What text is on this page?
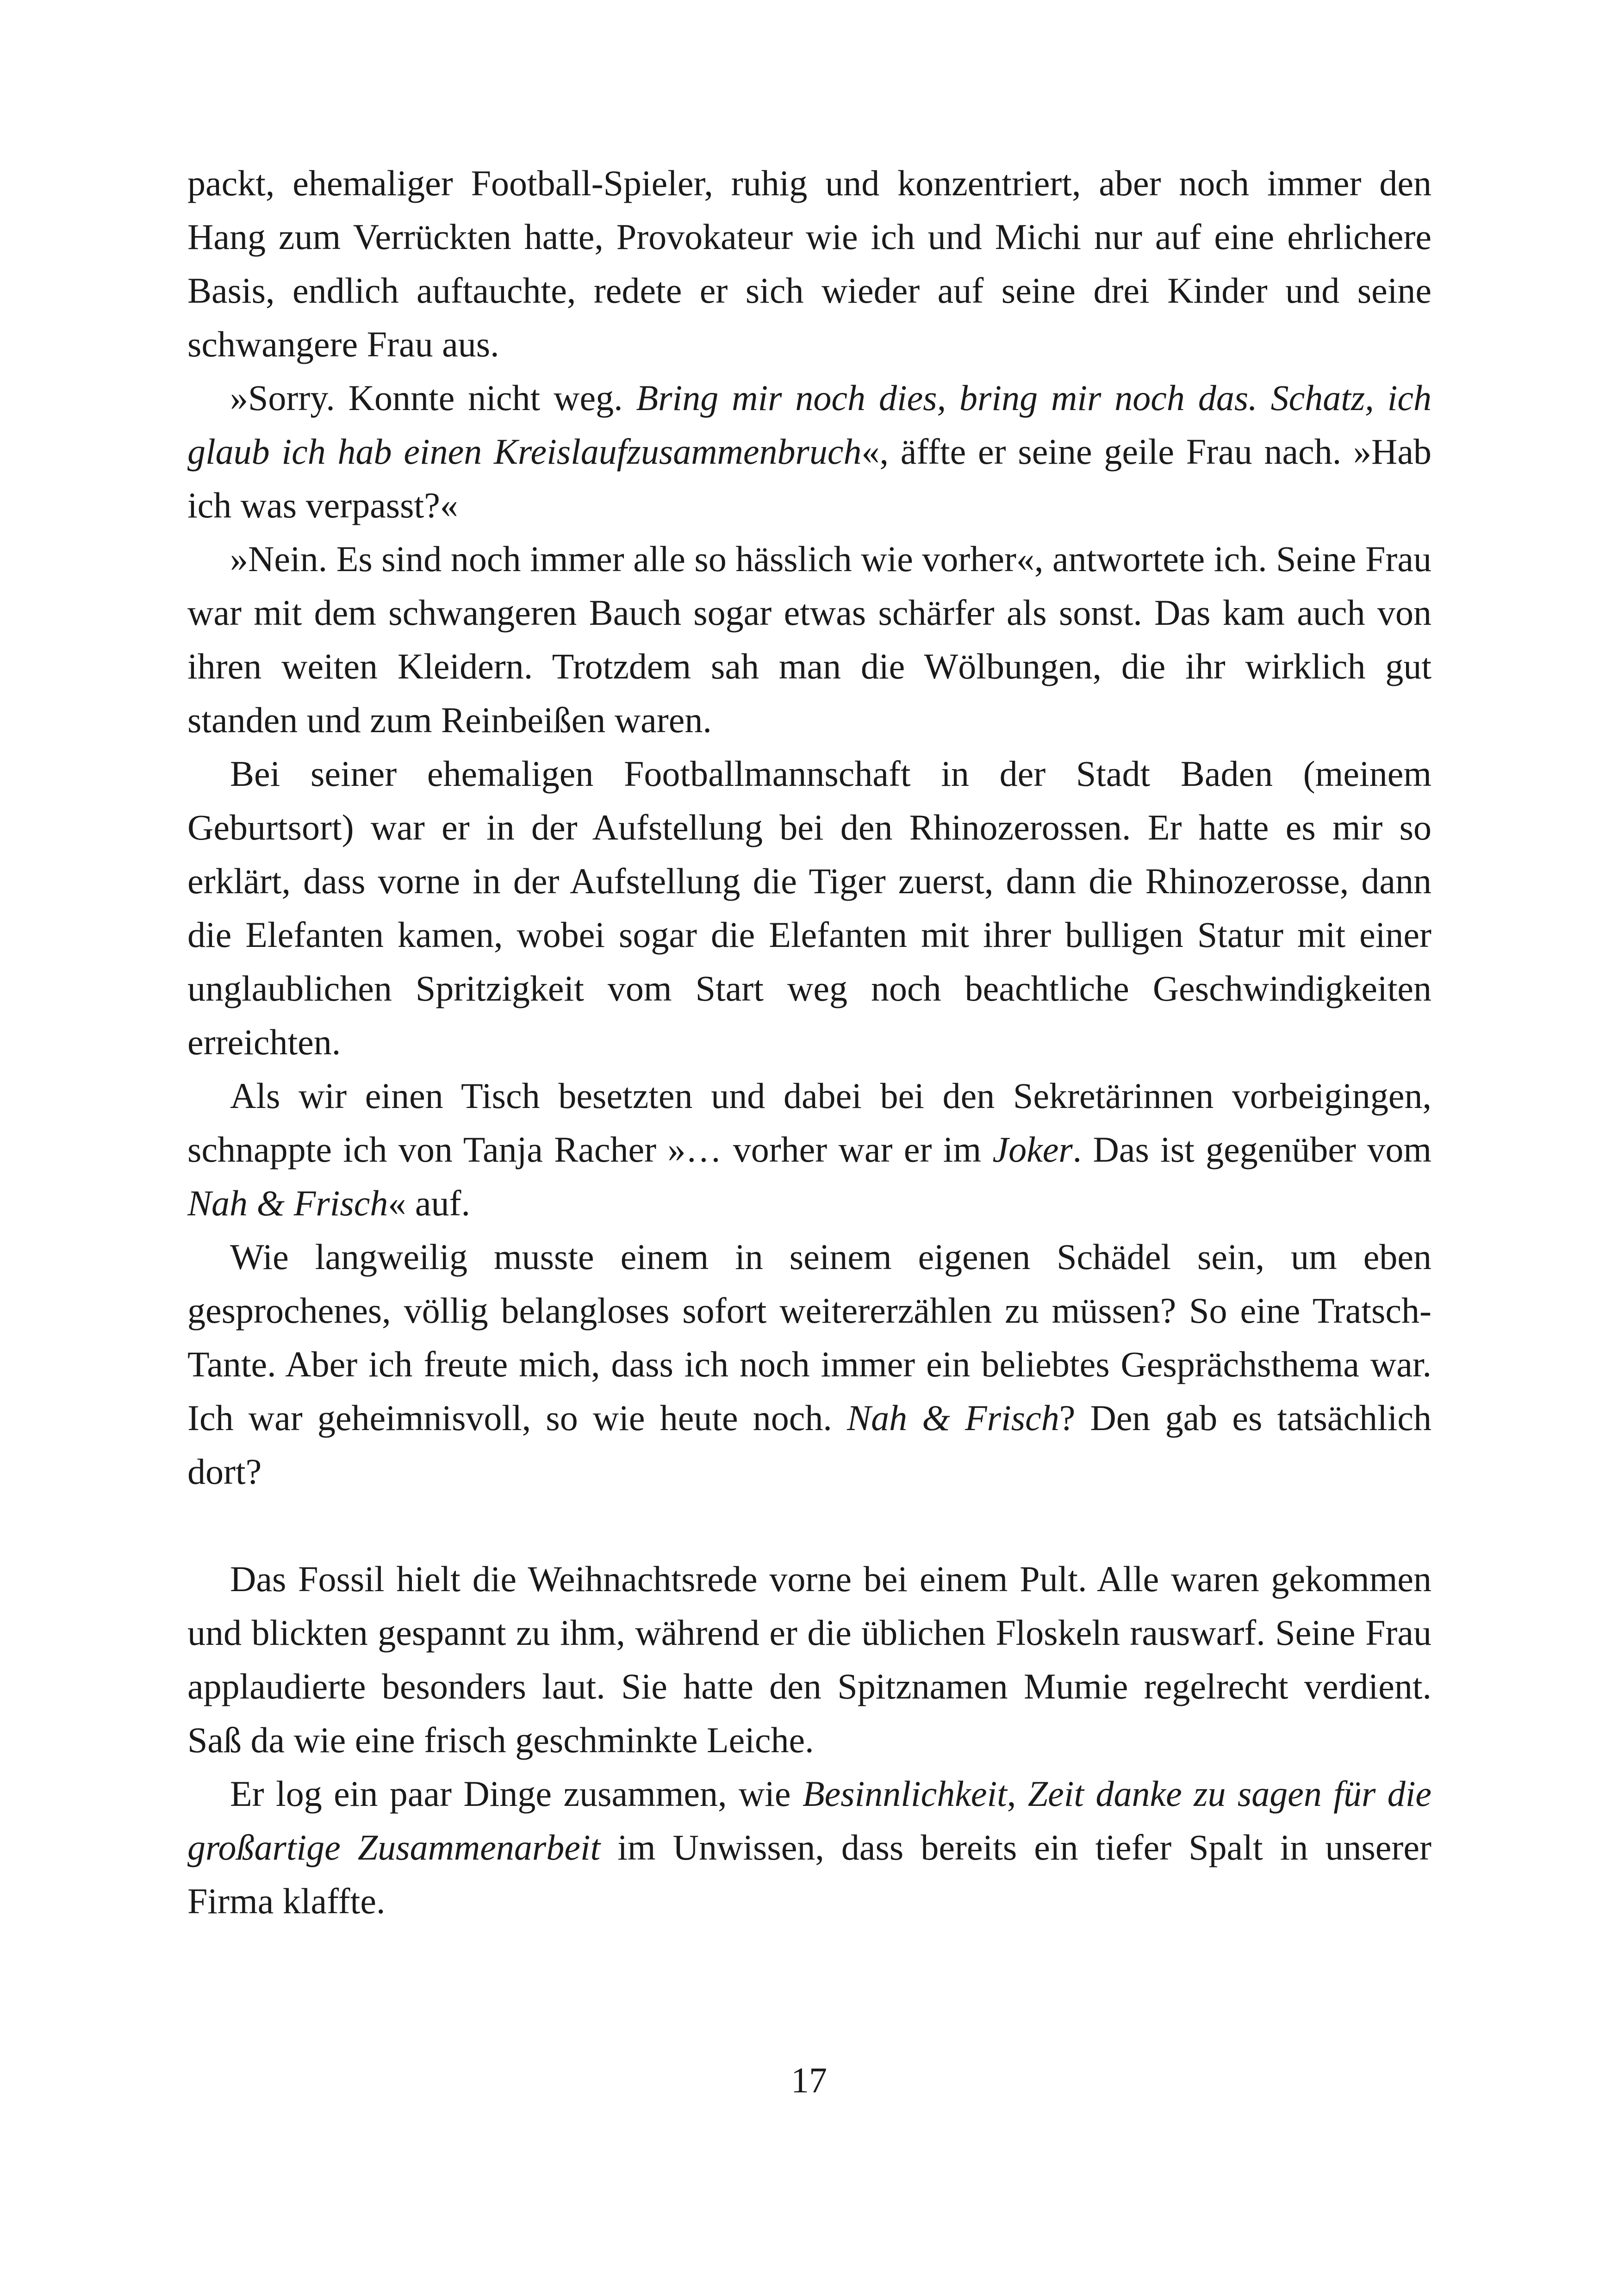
packt, ehemaliger Football-Spieler, ruhig und konzentriert, aber noch immer den Hang zum Verrückten hatte, Provokateur wie ich und Michi nur auf eine ehrlichere Basis, endlich auftauchte, redete er sich wieder auf seine drei Kinder und seine schwangere Frau aus.

»Sorry. Konnte nicht weg. Bring mir noch dies, bring mir noch das. Schatz, ich glaub ich hab einen Kreislaufzusammenbruch«, äffte er seine geile Frau nach. »Hab ich was verpasst?«

»Nein. Es sind noch immer alle so hässlich wie vorher«, antwortete ich. Seine Frau war mit dem schwangeren Bauch sogar etwas schärfer als sonst. Das kam auch von ihren weiten Kleidern. Trotzdem sah man die Wölbungen, die ihr wirklich gut standen und zum Reinbeißen waren.

Bei seiner ehemaligen Footballmannschaft in der Stadt Baden (meinem Geburtsort) war er in der Aufstellung bei den Rhinozerossen. Er hatte es mir so erklärt, dass vorne in der Aufstellung die Tiger zuerst, dann die Rhinozerosse, dann die Elefanten kamen, wobei sogar die Elefanten mit ihrer bulligen Statur mit einer unglaublichen Spritzigkeit vom Start weg noch beachtliche Geschwindigkeiten erreichten.

Als wir einen Tisch besetzten und dabei bei den Sekretärinnen vorbeigingen, schnappte ich von Tanja Racher »… vorher war er im Joker. Das ist gegenüber vom Nah & Frisch« auf.

Wie langweilig musste einem in seinem eigenen Schädel sein, um eben gesprochenes, völlig belangloses sofort weitererzählen zu müssen? So eine Tratsch-Tante. Aber ich freute mich, dass ich noch immer ein beliebtes Gesprächsthema war. Ich war geheimnisvoll, so wie heute noch. Nah & Frisch? Den gab es tatsächlich dort?

Das Fossil hielt die Weihnachtsrede vorne bei einem Pult. Alle waren gekommen und blickten gespannt zu ihm, während er die üblichen Floskeln rauswarf. Seine Frau applaudierte besonders laut. Sie hatte den Spitznamen Mumie regelrecht verdient. Saß da wie eine frisch geschminkte Leiche.

Er log ein paar Dinge zusammen, wie Besinnlichkeit, Zeit danke zu sagen für die großartige Zusammenarbeit im Unwissen, dass bereits ein tiefer Spalt in unserer Firma klaffte.

17
